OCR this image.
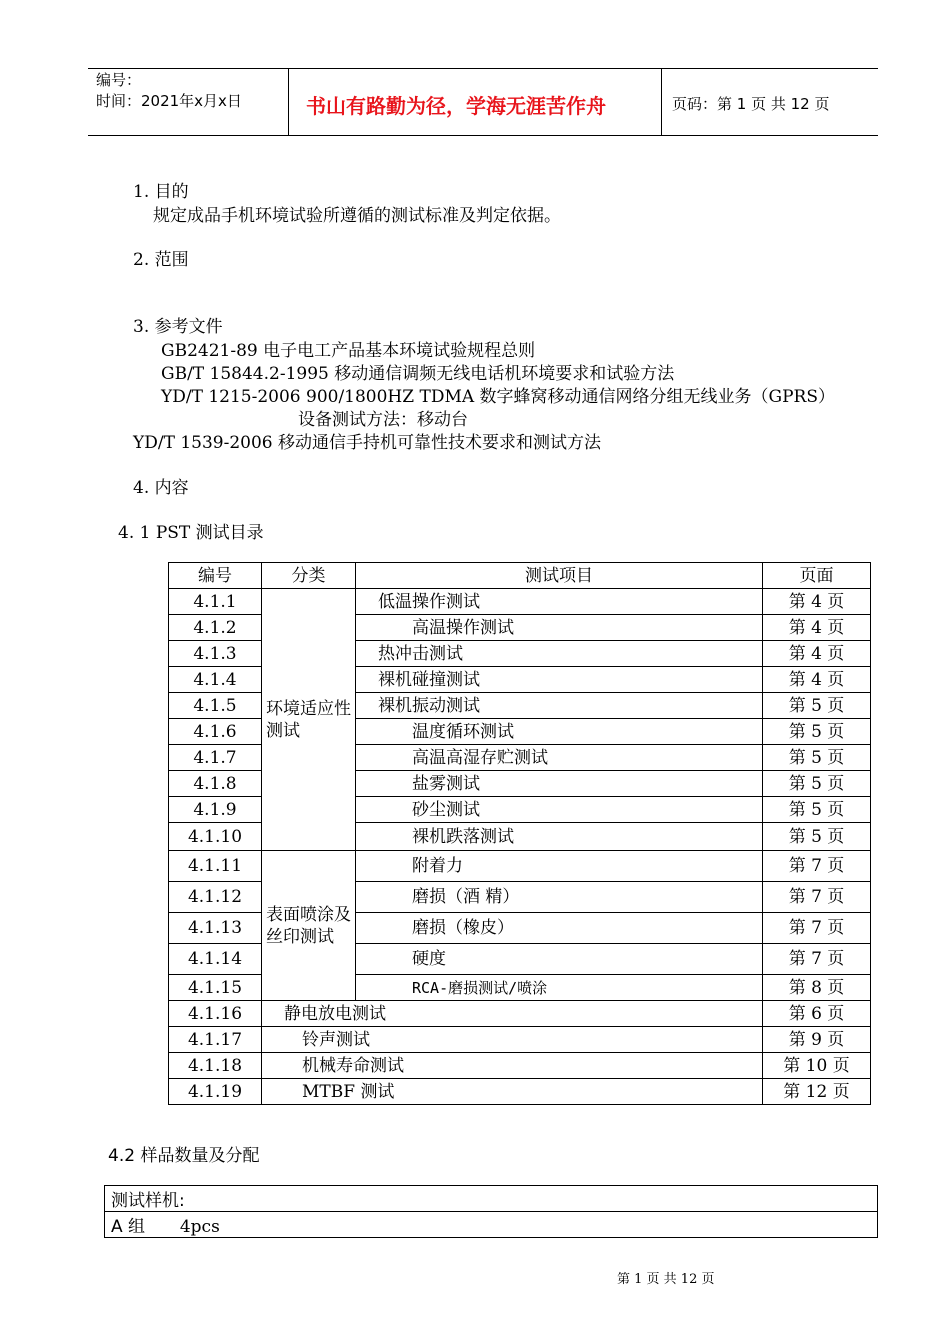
编号：
时间：2021年x月x日	书山有路勤为径，学海无涯苦作舟	页码：第 1 页 共 12 页
1. 目的
规定成品手机环境试验所遵循的测试标准及判定依据。
2. 范围
3. 参考文件
GB2421-89 电子电工产品基本环境试验规程总则
GB/T 15844.2-1995 移动通信调频无线电话机环境要求和试验方法
YD/T 1215-2006 900/1800HZ TDMA 数字蜂窝移动通信网络分组无线业务（GPRS）
设备测试方法：移动台
YD/T 1539-2006 移动通信手持机可靠性技术要求和测试方法
4. 内容
4. 1 PST 测试目录
编号	分类	测试项目	页面
4.1.1	环境适应性测试	低温操作测试	第 4 页
4.1.2		高温操作测试	第 4 页
4.1.3		热冲击测试	第 4 页
4.1.4		裸机碰撞测试	第 4 页
4.1.5		裸机振动测试	第 5 页
4.1.6		温度循环测试	第 5 页
4.1.7		高温高湿存贮测试	第 5 页
4.1.8		盐雾测试	第 5 页
4.1.9		砂尘测试	第 5 页
4.1.10		裸机跌落测试	第 5 页
4.1.11	表面喷涂及丝印测试	附着力	第 7 页
4.1.12		磨损（酒 精）	第 7 页
4.1.13		磨损（橡皮）	第 7 页
4.1.14		硬度	第 7 页
4.1.15		RCA-磨损测试/喷涂	第 8 页
4.1.16	静电放电测试		第 6 页
4.1.17	铃声测试		第 9 页
4.1.18	机械寿命测试		第 10 页
4.1.19	MTBF 测试		第 12 页
4.2 样品数量及分配
测试样机:
A 组 4pcs
第 1 页 共 12 页
